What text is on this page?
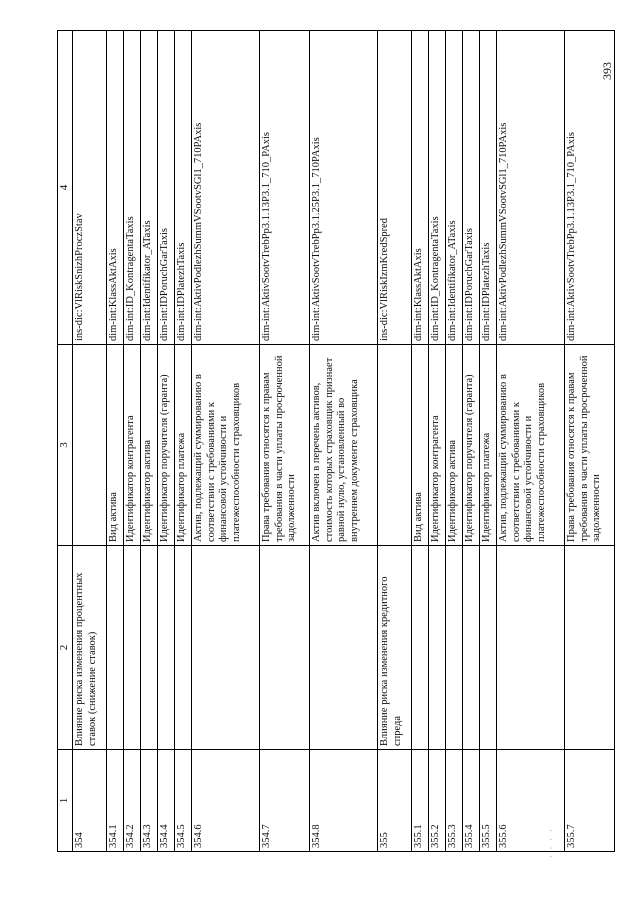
393
1	2	3	4
354	Влияние риска изменения процентных ставок (снижение ставок)		ins-dic:VlRiskSnizhProczStav
354.1		Вид актива	dim-int:KlassAktAxis
354.2		Идентификатор контрагента	dim-int:ID_KontragentaTaxis
354.3		Идентификатор актива	dim-int:Identifikator_ATaxis
354.4		Идентификатор поручителя (гаранта)	dim-int:IDPoruchGarTaxis
354.5		Идентификатор платежа	dim-int:IDPlatezhTaxis
354.6		Актив, подлежащий суммированию в соответствии с требованиями к финансовой устойчивости и платежеспособности страховщиков	dim-int:AktivPodlezhSummVSootvSGl1_710PAxis
354.7		Права требования относятся к правам требования в части уплаты просроченной задолженности	dim-int:AktivSootvTrebPp3.1.13P3.1_710_PAxis
354.8		Актив включен в перечень активов, стоимость которых страховщик признает равной нулю, установленный во внутреннем документе страховщика	dim-int:AktivSootvTrebPp3.1.25P3.1_710PAxis
355	Влияние риска изменения кредитного спреда		ins-dic:VlRiskIzmKredSpred
355.1		Вид актива	dim-int:KlassAktAxis
355.2		Идентификатор контрагента	dim-int:ID_KontragentaTaxis
355.3		Идентификатор актива	dim-int:Identifikator_ATaxis
355.4		Идентификатор поручителя (гаранта)	dim-int:IDPoruchGarTaxis
355.5		Идентификатор платежа	dim-int:IDPlatezhTaxis
355.6		Актив, подлежащий суммированию в соответствии с требованиями к финансовой устойчивости и платежеспособности страховщиков	dim-int:AktivPodlezhSummVSootvSGl1_710PAxis
355.7		Права требования относятся к правам требования в части уплаты просроченной задолженности	dim-int:AktivSootvTrebPp3.1.13P3.1_710_PAxis
· · · ·
